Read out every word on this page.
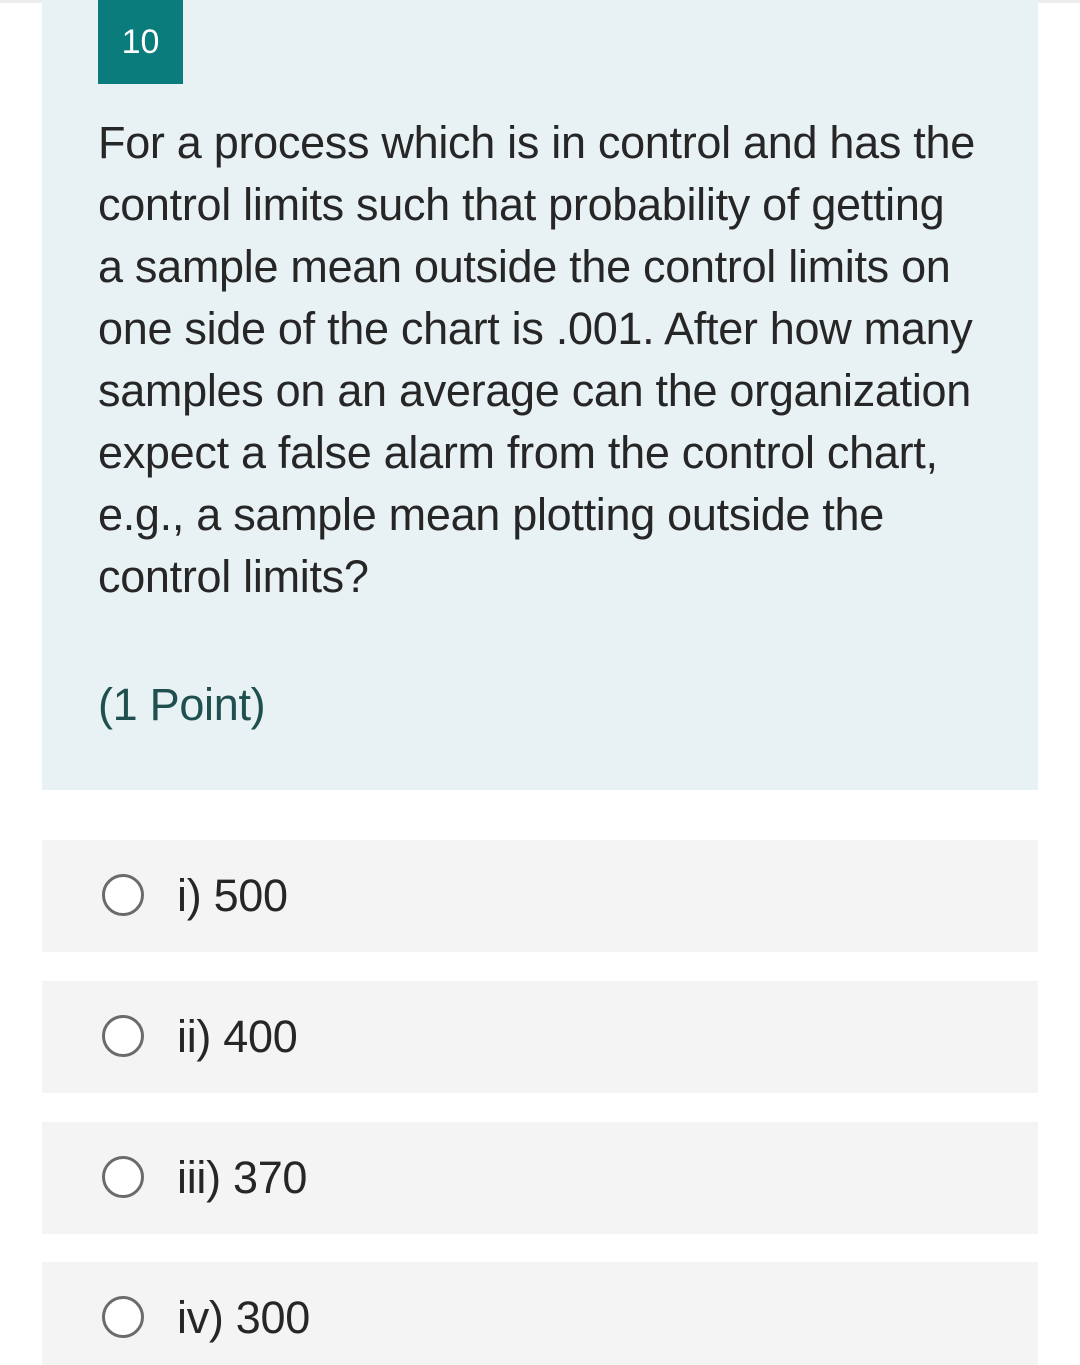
10

For a process which is in control and has the control limits such that probability of getting a sample mean outside the control limits on one side of the chart is .001. After how many samples on an average can the organization expect a false alarm from the control chart, e.g., a sample mean plotting outside the control limits?

(1 Point)
i) 500
ii) 400
iii) 370
iv) 300
